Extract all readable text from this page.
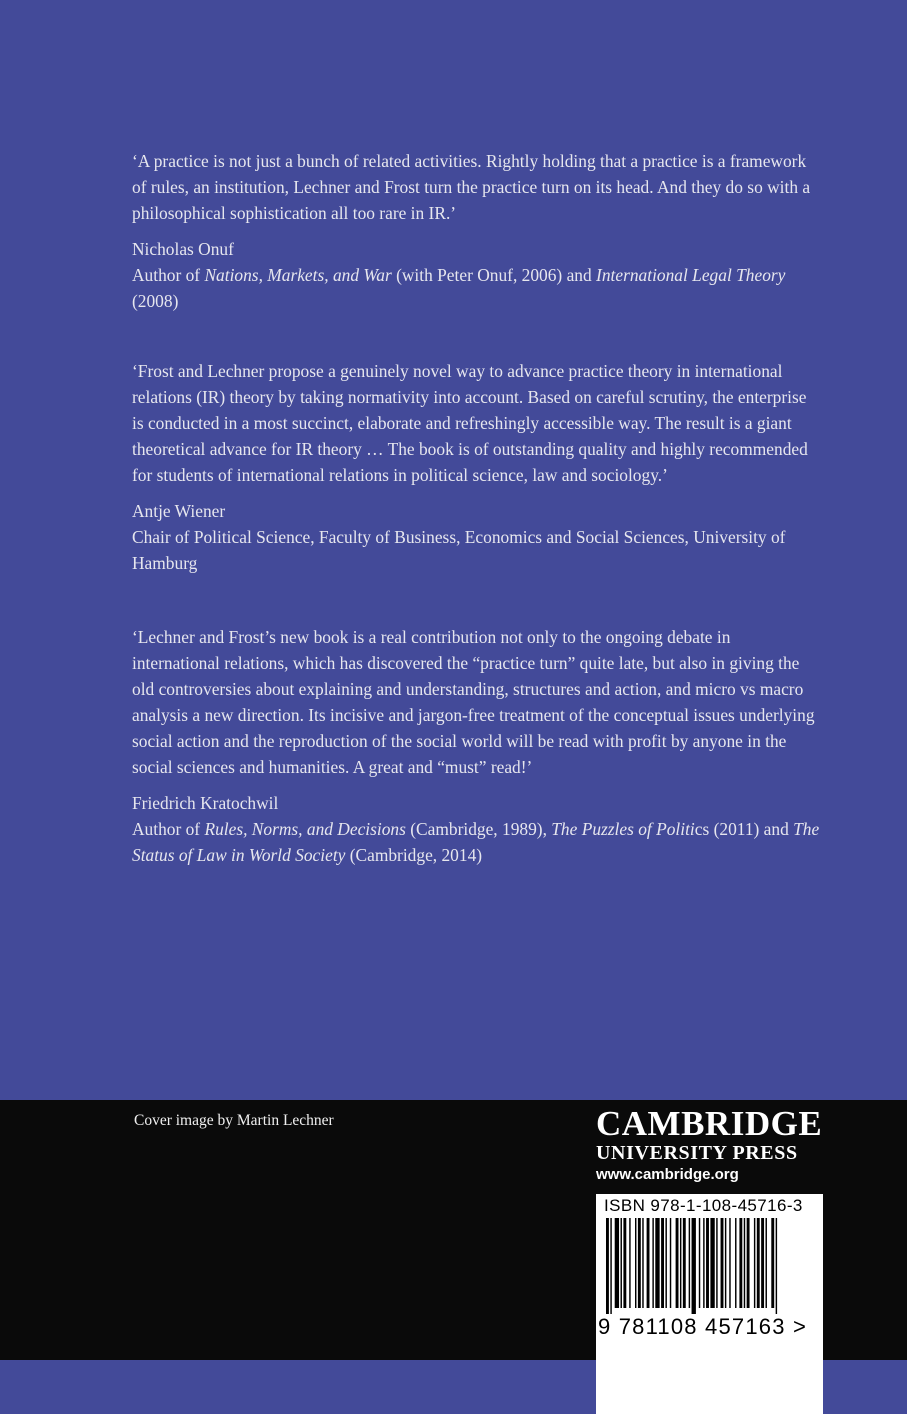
‘A practice is not just a bunch of related activities. Rightly holding that a practice is a framework of rules, an institution, Lechner and Frost turn the practice turn on its head. And they do so with a philosophical sophistication all too rare in IR.’

Nicholas Onuf
Author of Nations, Markets, and War (with Peter Onuf, 2006) and International Legal Theory (2008)

‘Frost and Lechner propose a genuinely novel way to advance practice theory in international relations (IR) theory by taking normativity into account. Based on careful scrutiny, the enterprise is conducted in a most succinct, elaborate and refreshingly accessible way. The result is a giant theoretical advance for IR theory … The book is of outstanding quality and highly recommended for students of international relations in political science, law and sociology.’

Antje Wiener
Chair of Political Science, Faculty of Business, Economics and Social Sciences, University of Hamburg

‘Lechner and Frost’s new book is a real contribution not only to the ongoing debate in international relations, which has discovered the “practice turn” quite late, but also in giving the old controversies about explaining and understanding, structures and action, and micro vs macro analysis a new direction. Its incisive and jargon-free treatment of the conceptual issues underlying social action and the reproduction of the social world will be read with profit by anyone in the social sciences and humanities. A great and “must” read!’

Friedrich Kratochwil
Author of Rules, Norms, and Decisions (Cambridge, 1989), The Puzzles of Politics (2011) and The Status of Law in World Society (Cambridge, 2014)

Cover image by Martin Lechner	CAMBRIDGE
UNIVERSITY PRESS
www.cambridge.org
ISBN 978-1-108-45716-3
9 781108 457163 >
